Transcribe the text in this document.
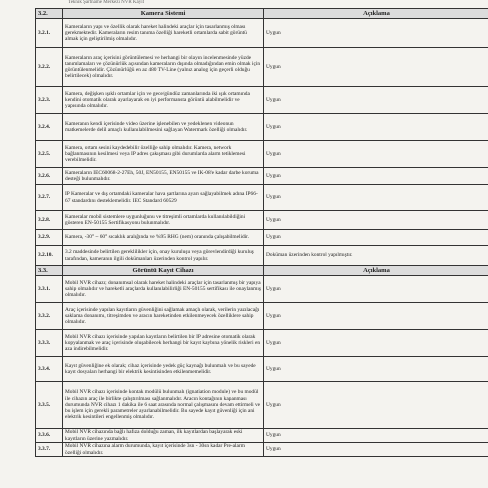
Teknik Şartname Merkezi NVR Kayıt
3.2.	Kamera Sistemi	Açıklama
3.2.1.	Kameraların yapı ve özellik olarak hareket halindeki araçlar için tasarlanmış olması gerekmektedir. Kameraların resim tanıma özelliği hareketli ortamlarda sabit görüntü almak için geliştirilmiş olmalıdır.	Uygun
3.2.2.	Kameraların araç içerisini görüntülemesi ve herhangi bir olayın incelenmesinde yüzde tanımlamaları ve çözünürlük açısından kameraların dışında olmadığından emin olmak için görüntülenmelidir. Çözünürlüğü en az 480 TV-Line (yalnız analog için geçerli olduğu belirtilecek) olmalıdır.	Uygun
3.2.3.	Kamera, değişken ışıklı ortamlar için ve gece/gündüz zamanlarında iki ışık ortamında kendini otomatik olarak ayarlayarak en iyi performansta görüntü alabilmelidir ve yapısında olmalıdır.	Uygun
3.2.4.	Kameranın kendi içerisinde video üzerine işlenebilen ve yedeklenen videonun matkemelerde delil amaçlı kullanılabilmesini sağlayan Watermark özelliği olmalıdır.	Uygun
3.2.5.	Kamera, ortam sesini kaydedebilir özelliğe sahip olmalıdır. Kamera, network bağlanmasının kesilmesi veya IP adres çakışması gibi durumlarda alarm tetiklemesi verebilmelidir.	Uygun
3.2.6.	Kameraların IEC60068-2-27Eh, 50J, EN50155, EN50155 ve IK-08'e kadar darbe koruma desteği bulunmalıdır.	Uygun
3.2.7.	IP Kameralar ve dış ortamdaki kameralar hava şartlarına ayarı sağlayabilmek adına IP66-67 standardını desteklemelidir. IEC Standard 60529	Uygun
3.2.8.	Kameralar mobil sistemlere uygunluğunu ve titreşimli ortamlarda kullanılabildiğini gösteren EN-50155 Sertifikasyonu bulunmalıdır.	Uygun
3.2.9.	Kamera, -30° ~ 60° sıcaklık aralığında ve %95 RHG (nem) oranında çalışabilmelidir.	Uygun
3.2.10.	3.2 maddesinde belirtilen gereklilikler için, onay kuruluşu veya görevlendirdiği kuruluş tarafından, kameranın ilgili dokümanları üzerinden kontrol yapılır.	Doküman üzerinden kontrol yapılmıştır.
3.3.	Görüntü Kayıt Cihazı	Açıklama
3.3.1.	Mobil NVR cihazı; donanımsal olarak hareket halindeki araçlar için tasarlanmış bir yapıya sahip olmalıdır ve hareketli araçlarda kullanılabilirliği EN-50155 sertifikası ile onaylanmış olmalıdır.	Uygun
3.3.2.	Araç içerisinde yapılan kayıtların güvenliğini sağlamak amaçlı olarak, verilerin yazılacağı saklama donanımı, titreşimden ve aracın hareketinden etkilenmeyecek özelliklere sahip olmalıdır.	Uygun
3.3.3.	Mobil NVR cihazı içerisinde yapılan kayıtların belirtilen bir IP adresine otomatik olarak kopyalanmak ve araç içerisinde oluşabilecek herhangi bir kayıt kaybına yönelik riskleri en aza indirebilmelidir.	Uygun
3.3.4.	Kayıt güvenliğine ek olarak; cihaz içerisinde yedek güç kaynağı bulunmalı ve bu sayede kayıt dosyaları herhangi bir elektrik kesintisinden etkilenmemelidir.	Uygun
3.3.5.	Mobil NVR cihazı içerisinde kontak modülü bulunmalı (ignatiation module) ve bu modül ile cihazın araç ile birlikte çalıştırılması sağlanmalıdır. Aracın kontağının kapanması durumunda NVR cihazı 1 dakika ile 6 saat arasında normal çalışmasını devam ettirmeli ve bu işlem için gerekli parametreler ayarlanabilmelidir. Bu sayede kayıt güvenliği için ani elektrik kesintileri engellenmiş olmalıdır.	Uygun
3.3.6.	Mobil NVR cihazında bağlı hafıza dolduğu zaman, ilk kayıtlardan başlayarak eski kayıtların üzerine yazmalıdır.	Uygun
3.3.7.	Mobil NVR cihazına alarm durumunda, kayıt içerisinde 3sn - 30sn kadar Pre-alarm özelliği olmalıdır.	Uygun
